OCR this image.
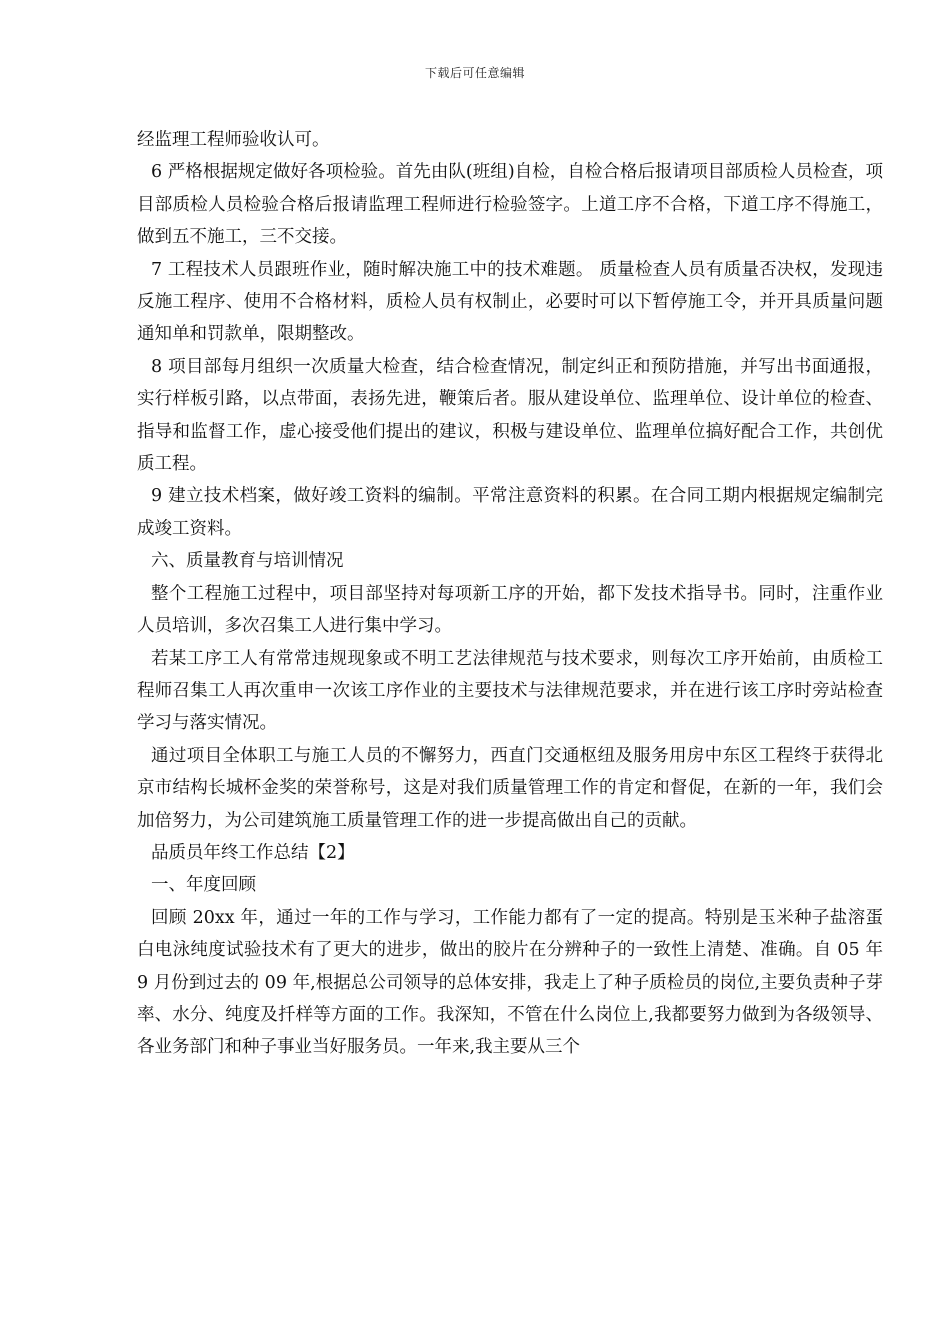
下载后可任意编辑

经监理工程师验收认可。

6 严格根据规定做好各项检验。首先由队(班组)自检，自检合格后报请项目部质检人员检查，项目部质检人员检验合格后报请监理工程师进行检验签字。上道工序不合格，下道工序不得施工，做到五不施工，三不交接。

7 工程技术人员跟班作业，随时解决施工中的技术难题。 质量检查人员有质量否决权，发现违反施工程序、使用不合格材料，质检人员有权制止，必要时可以下暂停施工令，并开具质量问题通知单和罚款单，限期整改。

8 项目部每月组织一次质量大检查，结合检查情况，制定纠正和预防措施，并写出书面通报，实行样板引路，以点带面，表扬先进，鞭策后者。服从建设单位、监理单位、设计单位的检查、指导和监督工作，虚心接受他们提出的建议，积极与建设单位、监理单位搞好配合工作，共创优质工程。

9 建立技术档案，做好竣工资料的编制。平常注意资料的积累。在合同工期内根据规定编制完成竣工资料。

六、质量教育与培训情况

整个工程施工过程中，项目部坚持对每项新工序的开始，都下发技术指导书。同时，注重作业人员培训，多次召集工人进行集中学习。

若某工序工人有常常违规现象或不明工艺法律规范与技术要求，则每次工序开始前，由质检工程师召集工人再次重申一次该工序作业的主要技术与法律规范要求，并在进行该工序时旁站检查学习与落实情况。

通过项目全体职工与施工人员的不懈努力，西直门交通枢纽及服务用房中东区工程终于获得北京市结构长城杯金奖的荣誉称号，这是对我们质量管理工作的肯定和督促，在新的一年，我们会加倍努力，为公司建筑施工质量管理工作的进一步提高做出自己的贡献。

品质员年终工作总结【2】

一、年度回顾

回顾 20xx 年，通过一年的工作与学习，工作能力都有了一定的提高。特别是玉米种子盐溶蛋白电泳纯度试验技术有了更大的进步，做出的胶片在分辨种子的一致性上清楚、准确。自 05 年 9 月份到过去的 09 年,根据总公司领导的总体安排，我走上了种子质检员的岗位,主要负责种子芽率、水分、纯度及扦样等方面的工作。我深知，不管在什么岗位上,我都要努力做到为各级领导、各业务部门和种子事业当好服务员。一年来,我主要从三个
